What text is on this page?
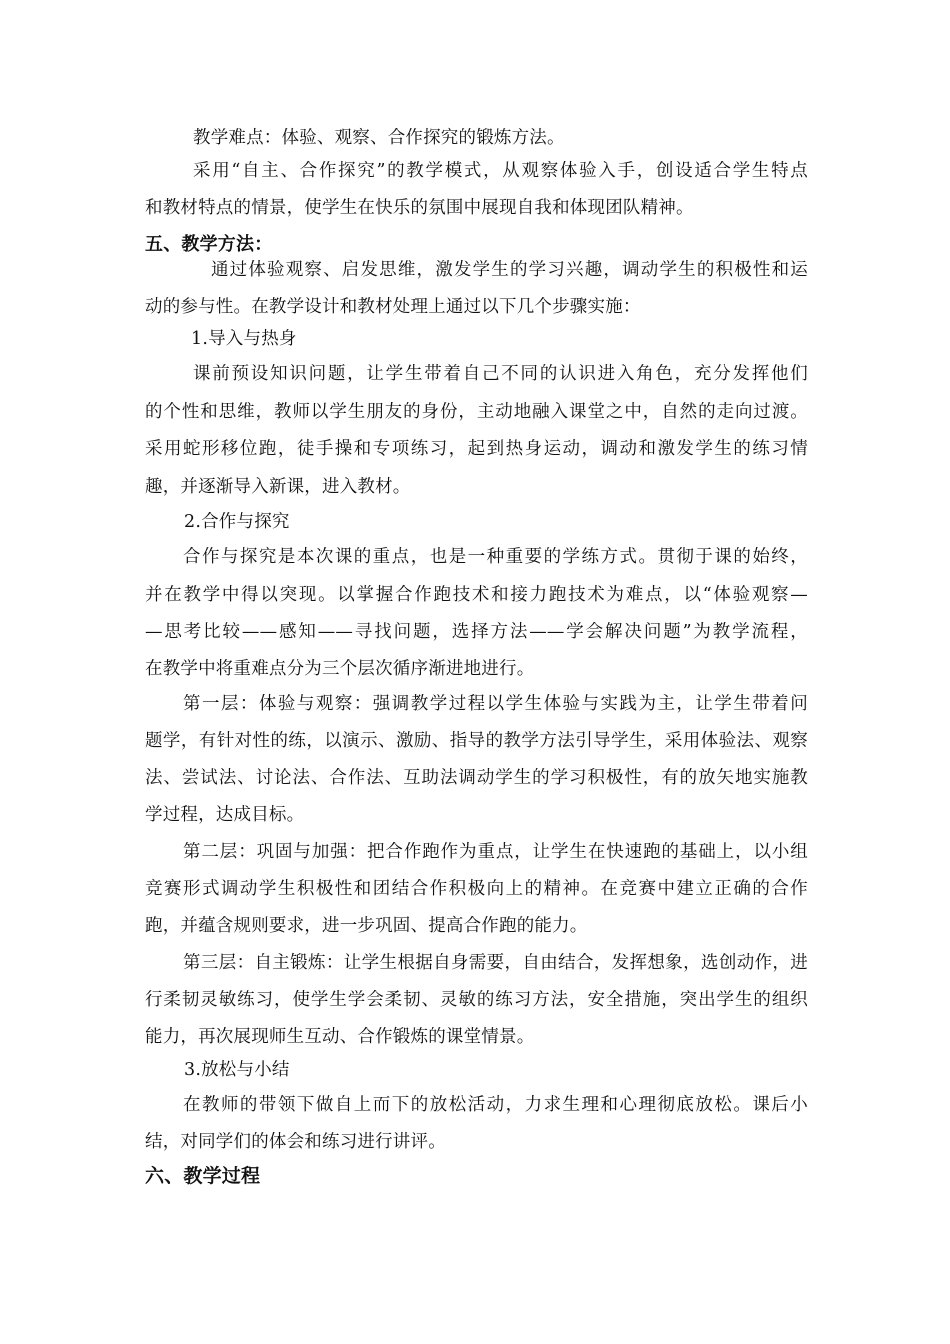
教学难点：体验、观察、合作探究的锻炼方法。
采用“自主、合作探究”的教学模式，从观察体验入手，创设适合学生特点
和教材特点的情景，使学生在快乐的氛围中展现自我和体现团队精神。
五、教学方法：
通过体验观察、启发思维，激发学生的学习兴趣，调动学生的积极性和运
动的参与性。在教学设计和教材处理上通过以下几个步骤实施：
1.导入与热身
课前预设知识问题，让学生带着自己不同的认识进入角色，充分发挥他们
的个性和思维，教师以学生朋友的身份，主动地融入课堂之中，自然的走向过渡。
采用蛇形移位跑，徒手操和专项练习，起到热身运动，调动和激发学生的练习情
趣，并逐渐导入新课，进入教材。
2.合作与探究
合作与探究是本次课的重点，也是一种重要的学练方式。贯彻于课的始终，
并在教学中得以突现。以掌握合作跑技术和接力跑技术为难点，以“体验观察—
—思考比较——感知——寻找问题，选择方法——学会解决问题”为教学流程，
在教学中将重难点分为三个层次循序渐进地进行。
第一层：体验与观察：强调教学过程以学生体验与实践为主，让学生带着问
题学，有针对性的练，以演示、激励、指导的教学方法引导学生，采用体验法、观察
法、尝试法、讨论法、合作法、互助法调动学生的学习积极性，有的放矢地实施教
学过程，达成目标。
第二层：巩固与加强：把合作跑作为重点，让学生在快速跑的基础上，以小组
竞赛形式调动学生积极性和团结合作积极向上的精神。在竞赛中建立正确的合作
跑，并蕴含规则要求，进一步巩固、提高合作跑的能力。
第三层：自主锻炼：让学生根据自身需要，自由结合，发挥想象，选创动作，进
行柔韧灵敏练习，使学生学会柔韧、灵敏的练习方法，安全措施，突出学生的组织
能力，再次展现师生互动、合作锻炼的课堂情景。
3.放松与小结
在教师的带领下做自上而下的放松活动，力求生理和心理彻底放松。课后小
结，对同学们的体会和练习进行讲评。
六、教学过程
